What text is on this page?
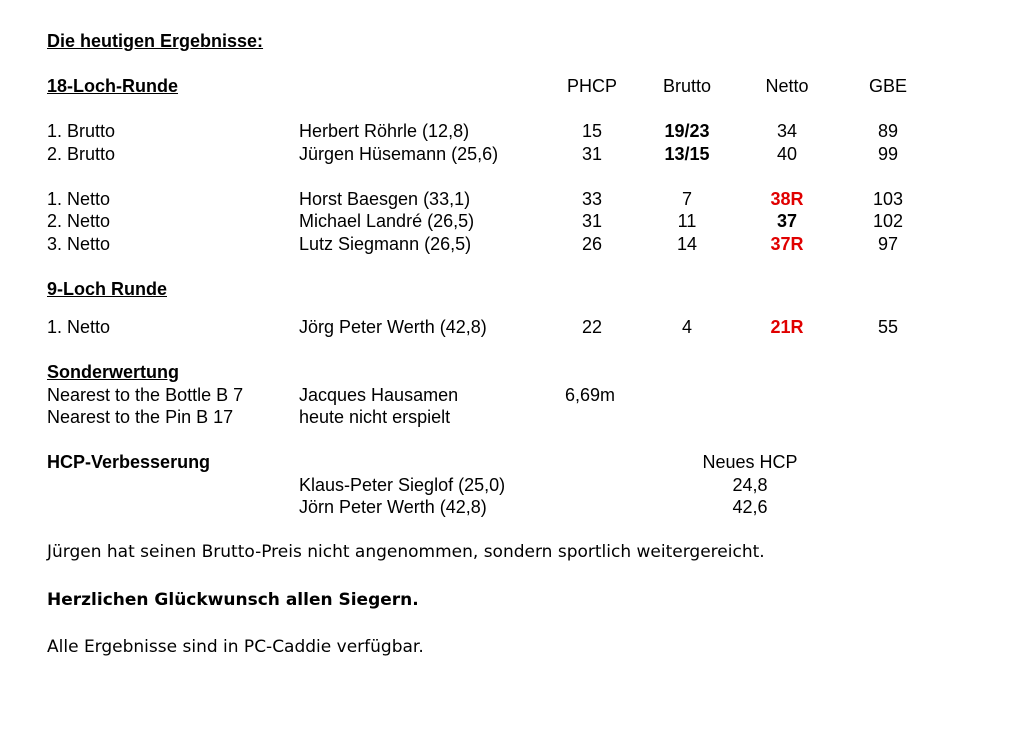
Die heutigen Ergebnisse:
18-Loch-Runde	PHCP	Brutto	Netto	GBE
1. Brutto	Herbert Röhrle (12,8)	15	19/23	34	89
2. Brutto	Jürgen Hüsemann (25,6)	31	13/15	40	99
1. Netto	Horst Baesgen (33,1)	33	7	38R	103
2. Netto	Michael Landré (26,5)	31	11	37	102
3. Netto	Lutz Siegmann (26,5)	26	14	37R	97
9-Loch Runde
1. Netto	Jörg Peter Werth (42,8)	22	4	21R	55
Sonderwertung
Nearest to the Bottle B 7	Jacques Hausamen	6,69m
Nearest to the Pin B 17	heute nicht erspielt
HCP-Verbesserung	Neues HCP
Klaus-Peter Sieglof (25,0)	24,8
Jörn Peter Werth (42,8)	42,6
Jürgen hat seinen Brutto-Preis nicht angenommen, sondern sportlich weitergereicht.
Herzlichen Glückwunsch allen Siegern.
Alle Ergebnisse sind in PC-Caddie verfügbar.
